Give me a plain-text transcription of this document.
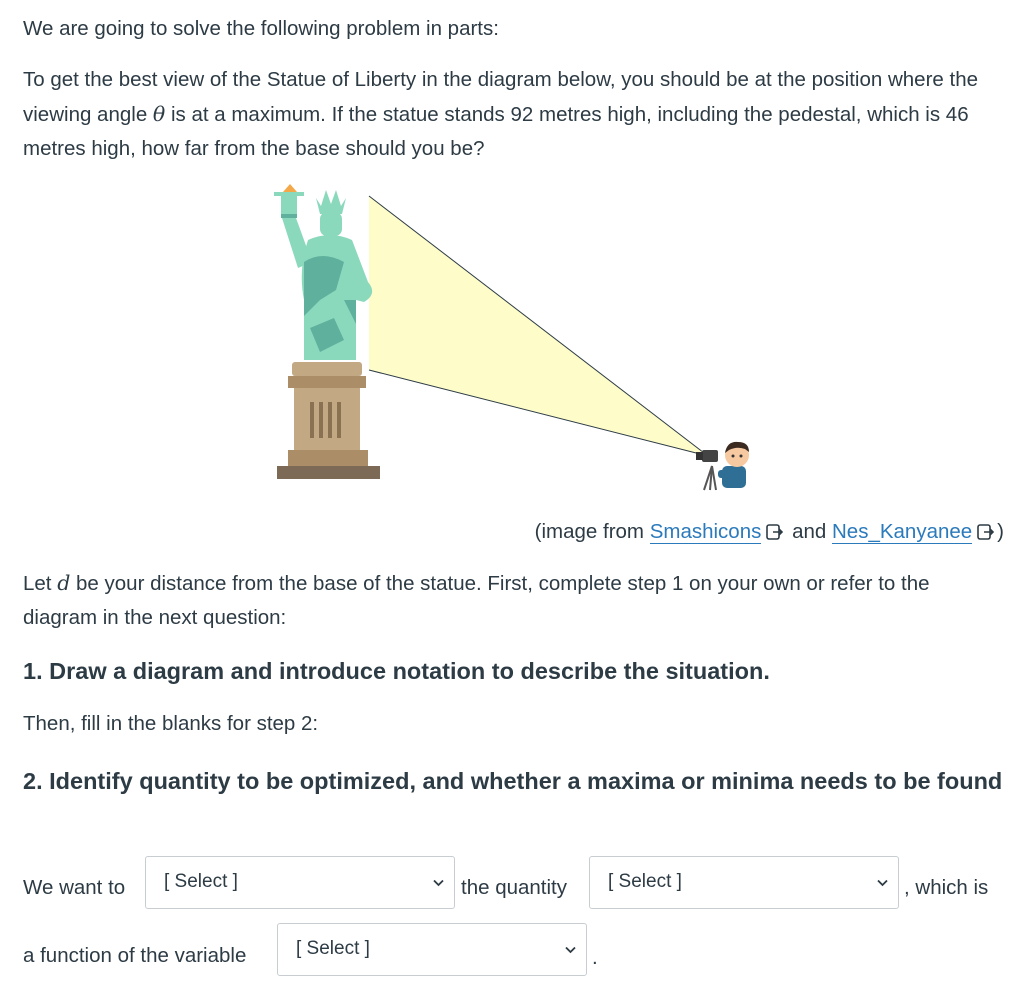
We are going to solve the following problem in parts:

To get the best view of the Statue of Liberty in the diagram below, you should be at the position where the viewing angle θ is at a maximum. If the statue stands 92 metres high, including the pedestal, which is 46 metres high, how far from the base should you be?

(image from Smashicons and Nes_Kanyanee )

Let d be your distance from the base of the statue. First, complete step 1 on your own or refer to the diagram in the next question:

1. Draw a diagram and introduce notation to describe the situation.

Then, fill in the blanks for step 2:

2. Identify quantity to be optimized, and whether a maxima or minima needs to be found

We want to [ Select ]	the quantity [ Select ]	, which is
a function of the variable	[ Select ]	.
